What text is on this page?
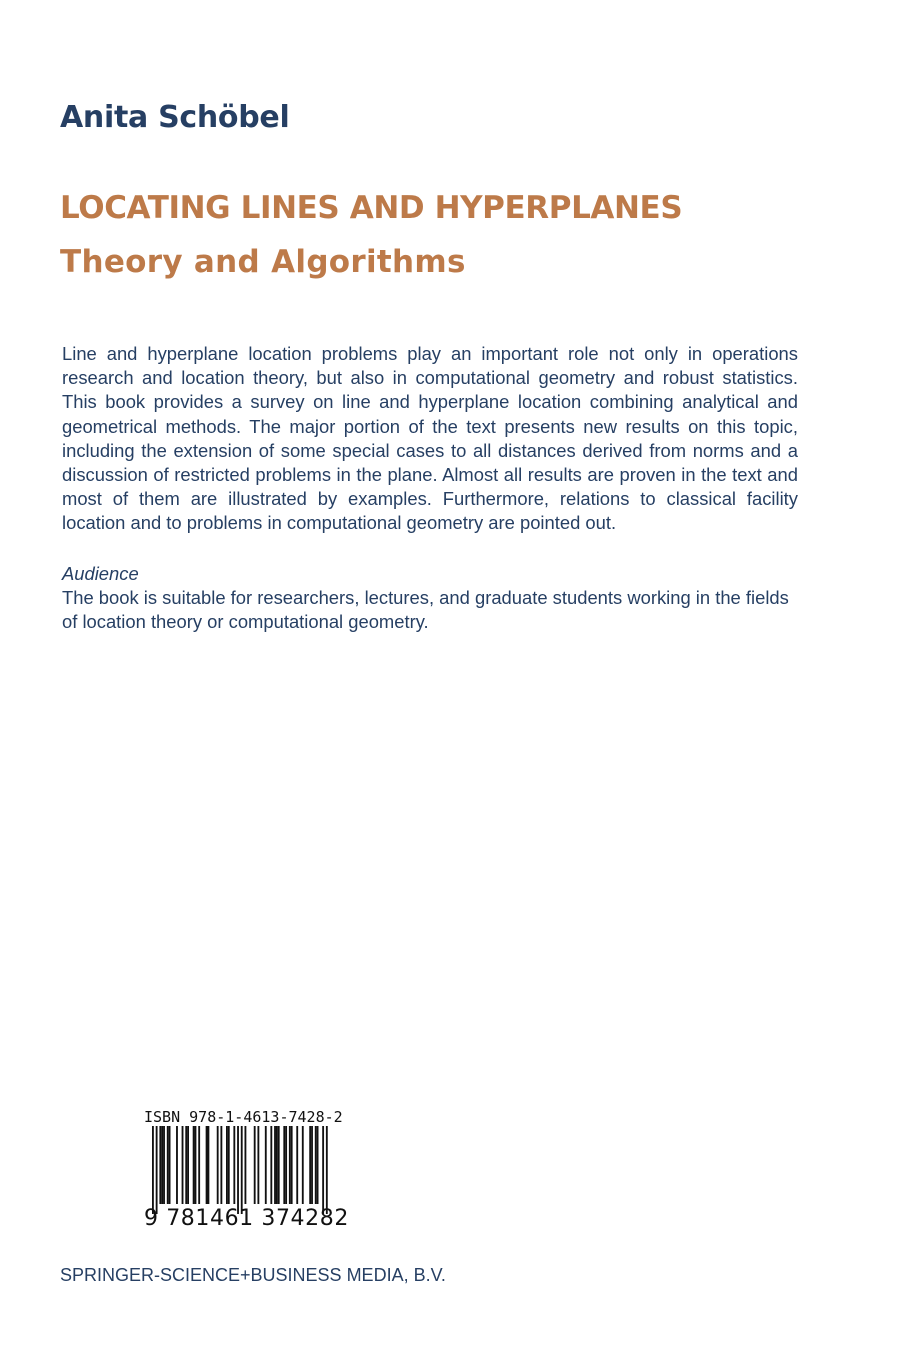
Anita Schöbel
LOCATING LINES AND HYPERPLANES
Theory and Algorithms

Line and hyperplane location problems play an important role not only in operations research and location theory, but also in computational geometry and robust statistics. This book provides a survey on line and hyperplane location combining analytical and geometrical methods. The major portion of the text presents new results on this topic, including the extension of some special cases to all distances derived from norms and a discussion of restricted problems in the plane. Almost all results are proven in the text and most of them are illustrated by examples. Furthermore, relations to classical facility location and to problems in computational geometry are pointed out.

Audience

The book is suitable for researchers, lectures, and graduate students working in the fields of location theory or computational geometry.

ISBN 978-1-4613-7428-2

9 781461 374282

SPRINGER-SCIENCE+BUSINESS MEDIA, B.V.
